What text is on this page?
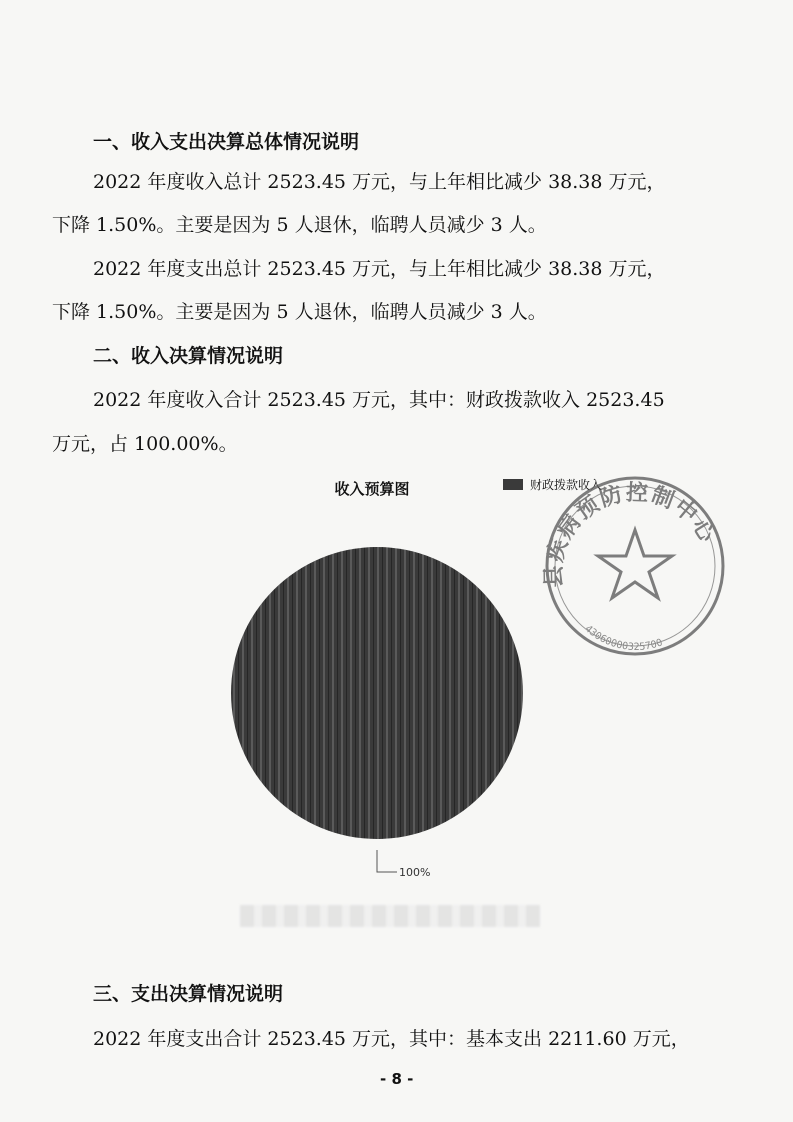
一、收入支出决算总体情况说明
2022 年度收入总计 2523.45 万元，与上年相比减少 38.38 万元，
下降 1.50%。主要是因为 5 人退休，临聘人员减少 3 人。
2022 年度支出总计 2523.45 万元，与上年相比减少 38.38 万元，
下降 1.50%。主要是因为 5 人退休，临聘人员减少 3 人。
二、收入决算情况说明
2022 年度收入合计 2523.45 万元，其中：财政拨款收入 2523.45
万元，占 100.00%。
收入预算图	财政拨款收入
100%
县疾病预防控制中心
43060000325700
三、支出决算情况说明
2022 年度支出合计 2523.45 万元，其中：基本支出 2211.60 万元，
- 8 -
